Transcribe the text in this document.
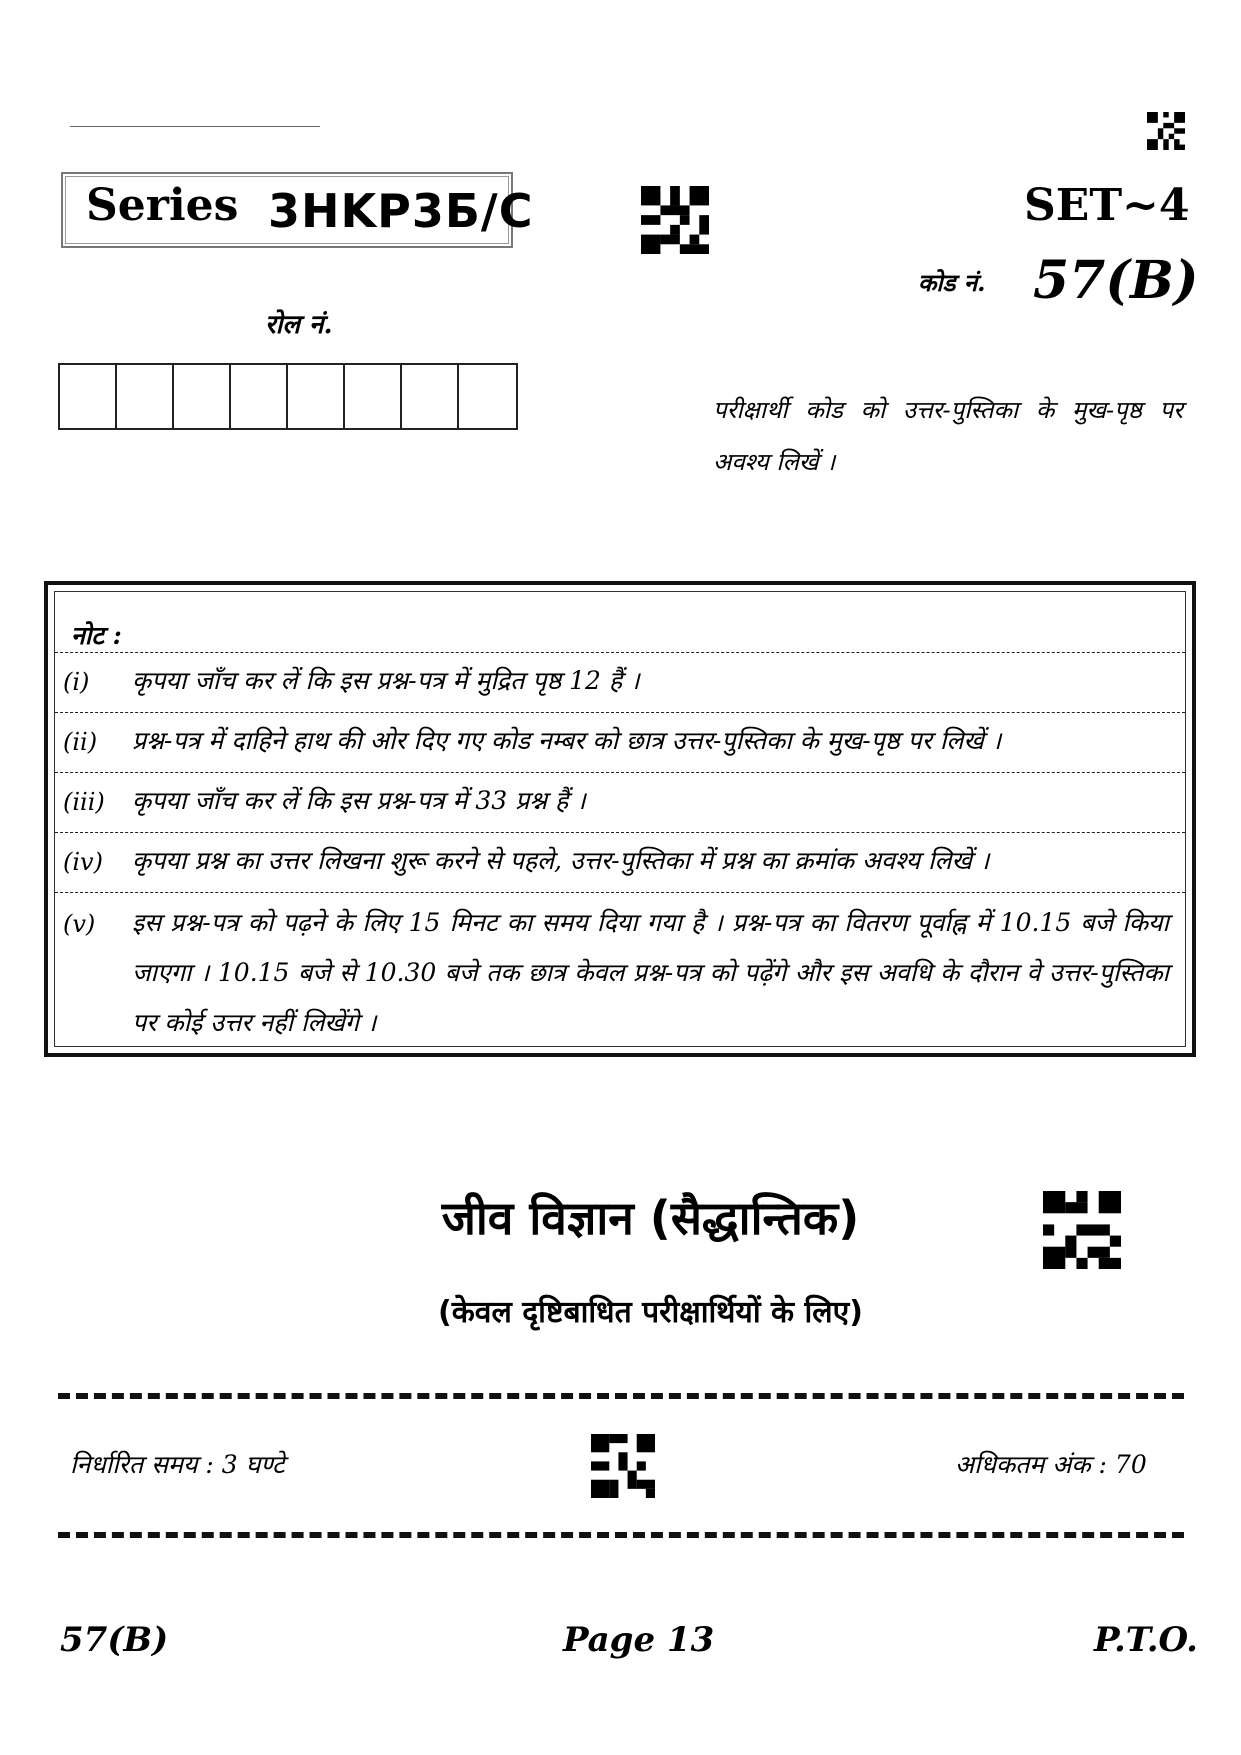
Series 3HKP3Б/C
रोल नं.
SET~4
कोड नं. 57(B)
परीक्षार्थी कोड को उत्तर-पुस्तिका के मुख-पृष्ठ पर अवश्य लिखें ।
नोट :
(i) कृपया जाँच कर लें कि इस प्रश्न-पत्र में मुद्रित पृष्ठ 12 हैं ।
(ii) प्रश्न-पत्र में दाहिने हाथ की ओर दिए गए कोड नम्बर को छात्र उत्तर-पुस्तिका के मुख-पृष्ठ पर लिखें ।
(iii) कृपया जाँच कर लें कि इस प्रश्न-पत्र में 33 प्रश्न हैं ।
(iv) कृपया प्रश्न का उत्तर लिखना शुरू करने से पहले, उत्तर-पुस्तिका में प्रश्न का क्रमांक अवश्य लिखें ।
(v) इस प्रश्न-पत्र को पढ़ने के लिए 15 मिनट का समय दिया गया है । प्रश्न-पत्र का वितरण पूर्वाह्न में 10.15 बजे किया जाएगा । 10.15 बजे से 10.30 बजे तक छात्र केवल प्रश्न-पत्र को पढ़ेंगे और इस अवधि के दौरान वे उत्तर-पुस्तिका पर कोई उत्तर नहीं लिखेंगे ।
जीव विज्ञान (सैद्धान्तिक)
(केवल दृष्टिबाधित परीक्षार्थियों के लिए)
निर्धारित समय : 3 घण्टे	अधिकतम अंक : 70
57(B)	Page 13	P.T.O.
